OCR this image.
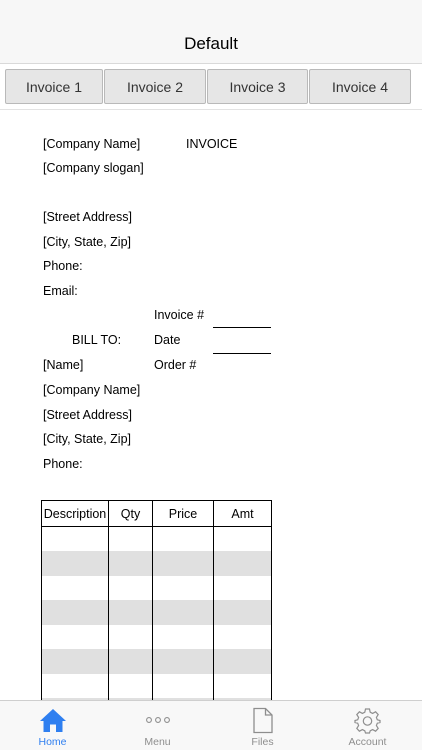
Default
Invoice 1	Invoice 2	Invoice 3	Invoice 4
[Company Name]	INVOICE
[Company slogan]
[Street Address]
[City, State, Zip]
Phone:
Email:
Invoice #
BILL TO:	Date
[Name]	Order #
[Company Name]
[Street Address]
[City, State, Zip]
Phone:
Description	Qty	Price	Amt

Home	Menu	Files	Account
